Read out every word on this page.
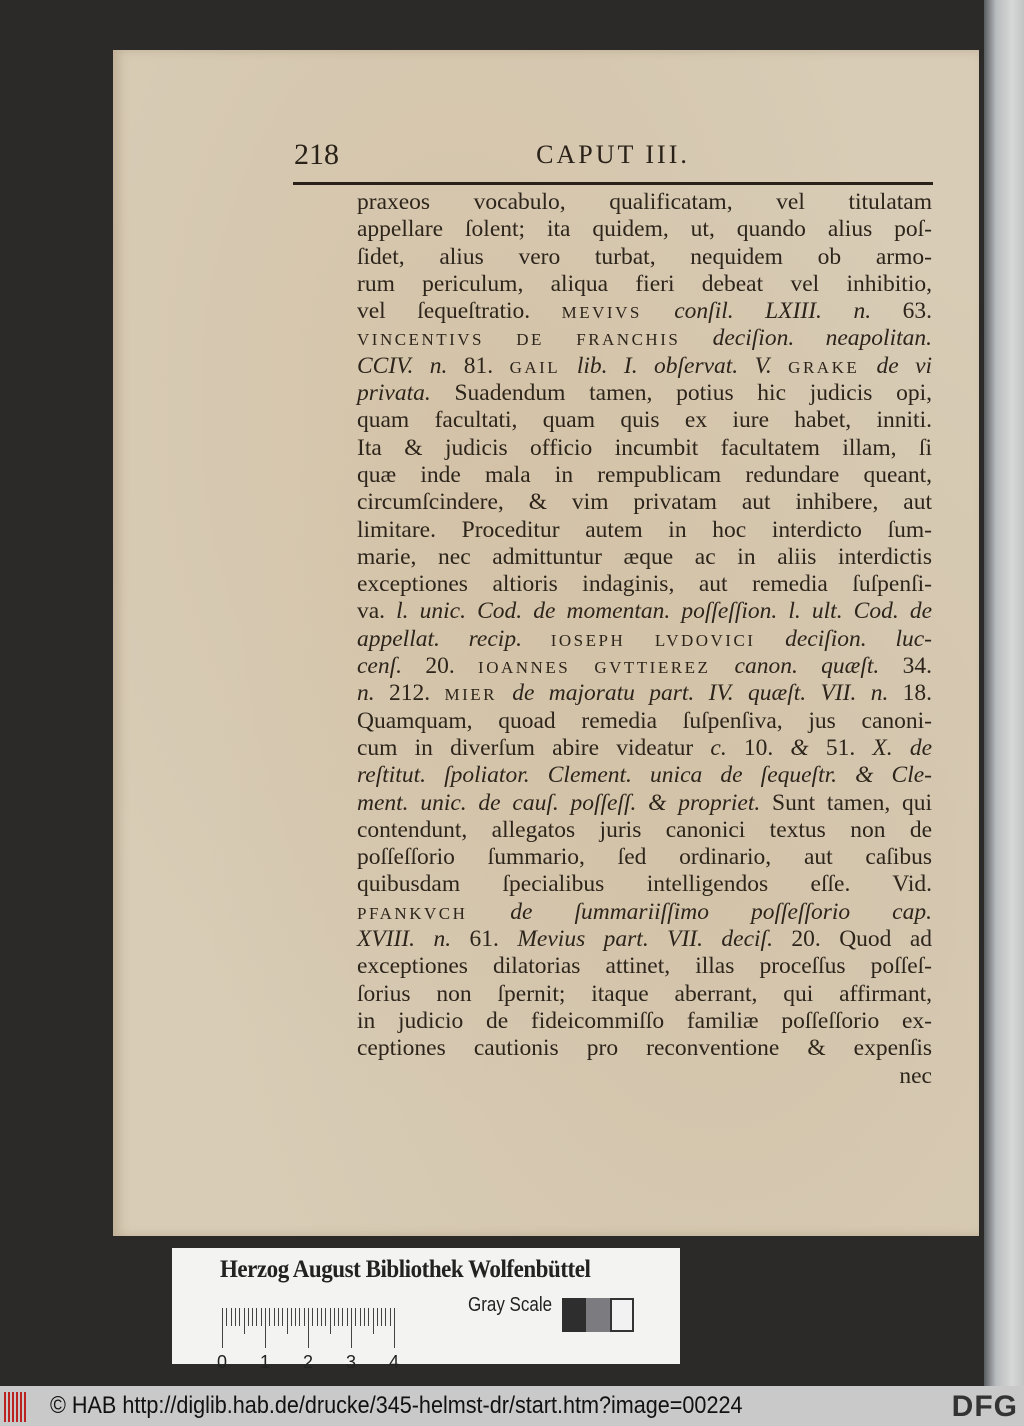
218	CAPUT III.
praxeos vocabulo, qualificatam, vel titulatam
appellare ſolent; ita quidem, ut, quando alius poſ-
ſidet, alius vero turbat, nequidem ob armo-
rum periculum, aliqua fieri debeat vel inhibitio,
vel ſequeſtratio. MEVIVS conſil. LXIII. n. 63.
VINCENTIVS DE FRANCHIS deciſion. neapolitan.
CCIV. n. 81. GAIL lib. I. obſervat. V. GRAKE de vi
privata. Suadendum tamen, potius hic judicis opi,
quam facultati, quam quis ex iure habet, inniti.
Ita & judicis officio incumbit facultatem illam, ſi
quæ inde mala in rempublicam redundare queant,
circumſcindere, & vim privatam aut inhibere, aut
limitare. Proceditur autem in hoc interdicto ſum-
marie, nec admittuntur æque ac in aliis interdictis
exceptiones altioris indaginis, aut remedia ſuſpenſi-
va. l. unic. Cod. de momentan. poſſeſſion. l. ult. Cod. de
appellat. recip. IOSEPH LVDOVICI deciſion. luc-
cenſ. 20. IOANNES GVTTIEREZ canon. quæſt. 34.
n. 212. MIER de majoratu part. IV. quæſt. VII. n. 18.
Quamquam, quoad remedia ſuſpenſiva, jus canoni-
cum in diverſum abire videatur c. 10. & 51. X. de
reſtitut. ſpoliator. Clement. unica de ſequeſtr. & Cle-
ment. unic. de cauſ. poſſeſſ. & propriet. Sunt tamen, qui
contendunt, allegatos juris canonici textus non de
poſſeſſorio ſummario, ſed ordinario, aut caſibus
quibusdam ſpecialibus intelligendos eſſe. Vid.
PFANKVCH de ſummariiſſimo poſſeſſorio cap.
XVIII. n. 61. Mevius part. VII. deciſ. 20. Quod ad
exceptiones dilatorias attinet, illas proceſſus poſſeſ-
ſorius non ſpernit; itaque aberrant, qui affirmant,
in judicio de fideicommiſſo familiæ poſſeſſorio ex-
ceptiones cautionis pro reconventione & expenſis
nec
Herzog August Bibliothek Wolfenbüttel
0 1 2 3 4
Gray Scale
© HAB http://diglib.hab.de/drucke/345-helmst-dr/start.htm?image=00224	DFG
